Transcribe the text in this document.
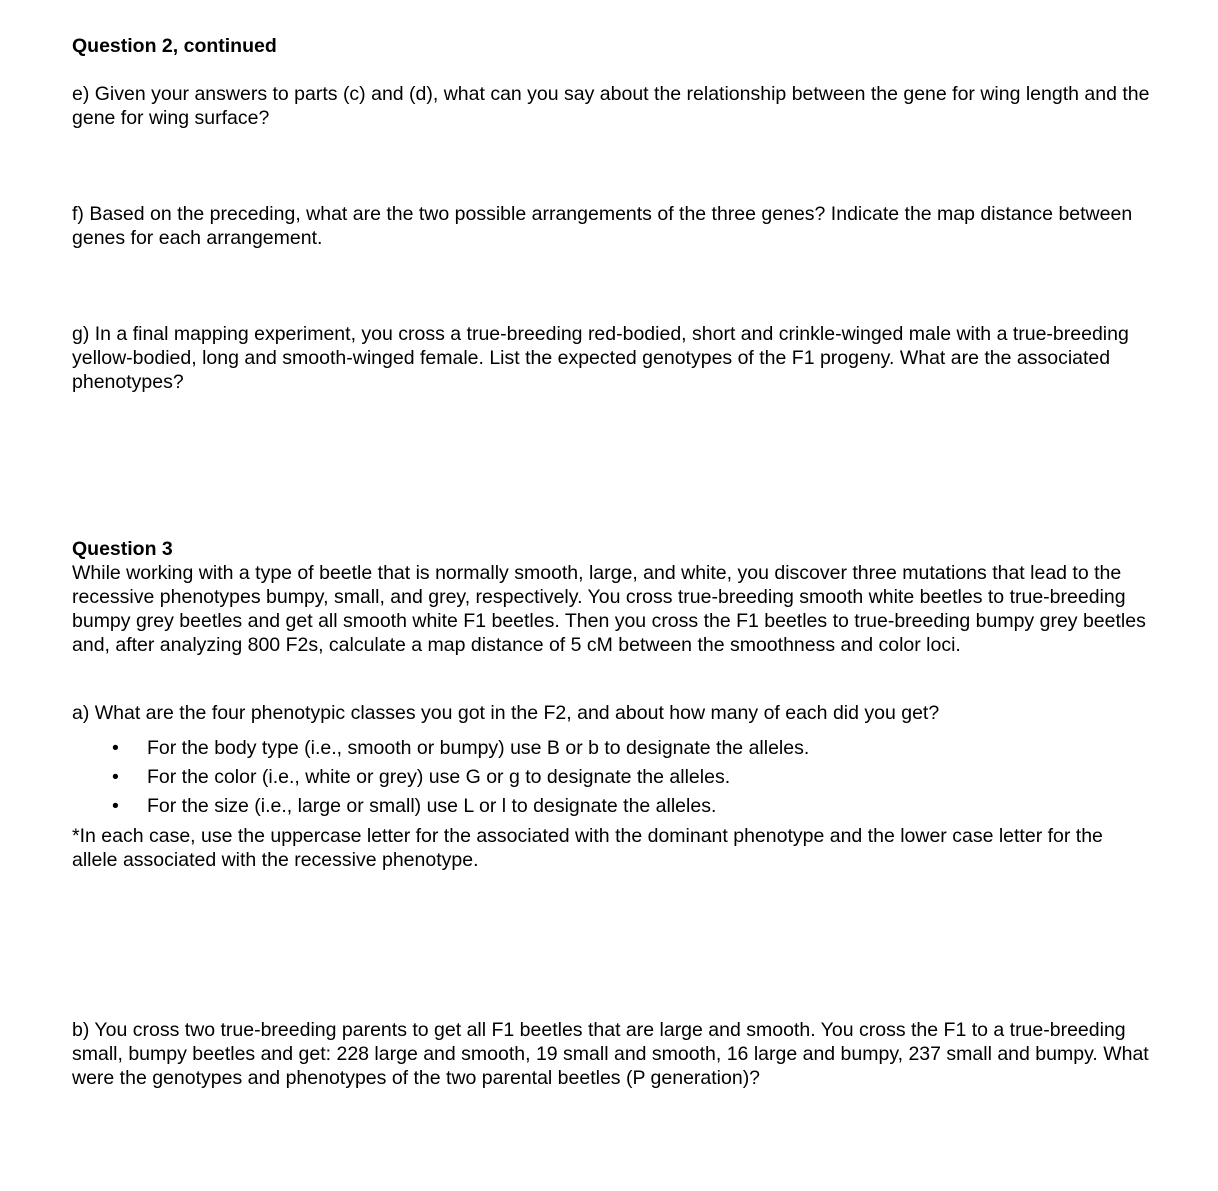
Question 2, continued

e) Given your answers to parts (c) and (d), what can you say about the relationship between the gene for wing length and the gene for wing surface?

f) Based on the preceding, what are the two possible arrangements of the three genes? Indicate the map distance between genes for each arrangement.

g) In a final mapping experiment, you cross a true-breeding red-bodied, short and crinkle-winged male with a true-breeding yellow-bodied, long and smooth-winged female. List the expected genotypes of the F1 progeny. What are the associated phenotypes?

Question 3

While working with a type of beetle that is normally smooth, large, and white, you discover three mutations that lead to the recessive phenotypes bumpy, small, and grey, respectively. You cross true-breeding smooth white beetles to true-breeding bumpy grey beetles and get all smooth white F1 beetles. Then you cross the F1 beetles to true-breeding bumpy grey beetles and, after analyzing 800 F2s, calculate a map distance of 5 cM between the smoothness and color loci.

a) What are the four phenotypic classes you got in the F2, and about how many of each did you get?

• For the body type (i.e., smooth or bumpy) use B or b to designate the alleles.
• For the color (i.e., white or grey) use G or g to designate the alleles.
• For the size (i.e., large or small) use L or l to designate the alleles.

*In each case, use the uppercase letter for the associated with the dominant phenotype and the lower case letter for the allele associated with the recessive phenotype.

b) You cross two true-breeding parents to get all F1 beetles that are large and smooth. You cross the F1 to a true-breeding small, bumpy beetles and get: 228 large and smooth, 19 small and smooth, 16 large and bumpy, 237 small and bumpy. What were the genotypes and phenotypes of the two parental beetles (P generation)?
